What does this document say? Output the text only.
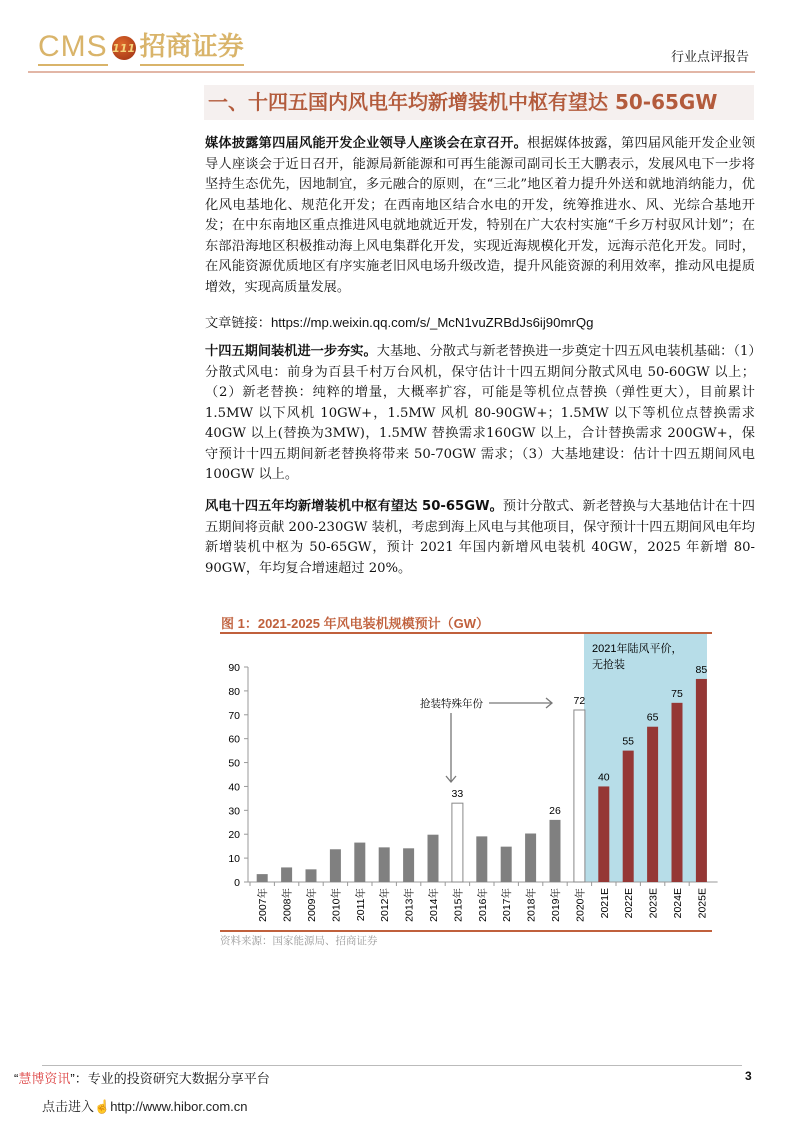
CMS 111 招商证券	行业点评报告
一、十四五国内风电年均新增装机中枢有望达 50-65GW
媒体披露第四届风能开发企业领导人座谈会在京召开。根据媒体披露，第四届风能开发企业领导人座谈会于近日召开，能源局新能源和可再生能源司副司长王大鹏表示，发展风电下一步将坚持生态优先，因地制宜，多元融合的原则，在“三北”地区着力提升外送和就地消纳能力，优化风电基地化、规范化开发；在西南地区结合水电的开发，统筹推进水、风、光综合基地开发；在中东南地区重点推进风电就地就近开发，特别在广大农村实施“千乡万村驭风计划”；在东部沿海地区积极推动海上风电集群化开发，实现近海规模化开发，远海示范化开发。同时，在风能资源优质地区有序实施老旧风电场升级改造，提升风能资源的利用效率，推动风电提质增效，实现高质量发展。
文章链接：https://mp.weixin.qq.com/s/_McN1vuZRBdJs6ij90mrQg
十四五期间装机进一步夯实。大基地、分散式与新老替换进一步奠定十四五风电装机基础：（1）分散式风电：前身为百县千村万台风机，保守估计十四五期间分散式风电 50-60GW 以上；（2）新老替换：纯粹的增量，大概率扩容，可能是等机位点替换（弹性更大），目前累计 1.5MW 以下风机 10GW+，1.5MW 风机 80-90GW+；1.5MW 以下等机位点替换需求40GW 以上(替换为3MW)，1.5MW 替换需求160GW 以上，合计替换需求 200GW+，保守预计十四五期间新老替换将带来 50-70GW 需求；（3）大基地建设：估计十四五期间风电 100GW 以上。
风电十四五年均新增装机中枢有望达 50-65GW。预计分散式、新老替换与大基地估计在十四五期间将贡献 200-230GW 装机，考虑到海上风电与其他项目，保守预计十四五期间风电年均新增装机中枢为 50-65GW，预计 2021 年国内新增风电装机 40GW，2025 年新增 80-90GW，年均复合增速超过 20%。
图 1：2021-2025 年风电装机规模预计（GW）
2021年陆风平价，
无抢装
0
10
20
30
40
50
60
70
80
90
2007年 2008年 2009年 2010年 2011年 2012年 2013年 2014年 2015年 2016年 2017年 2018年 2019年 2020年 2021E 2022E 2023E 2024E 2025E
33
26
72
40
55
65
75
85
抢装特殊年份
资料来源：国家能源局、招商证券
“慧博资讯”：专业的投资研究大数据分享平台	3
点击进入☝http://www.hibor.com.cn
